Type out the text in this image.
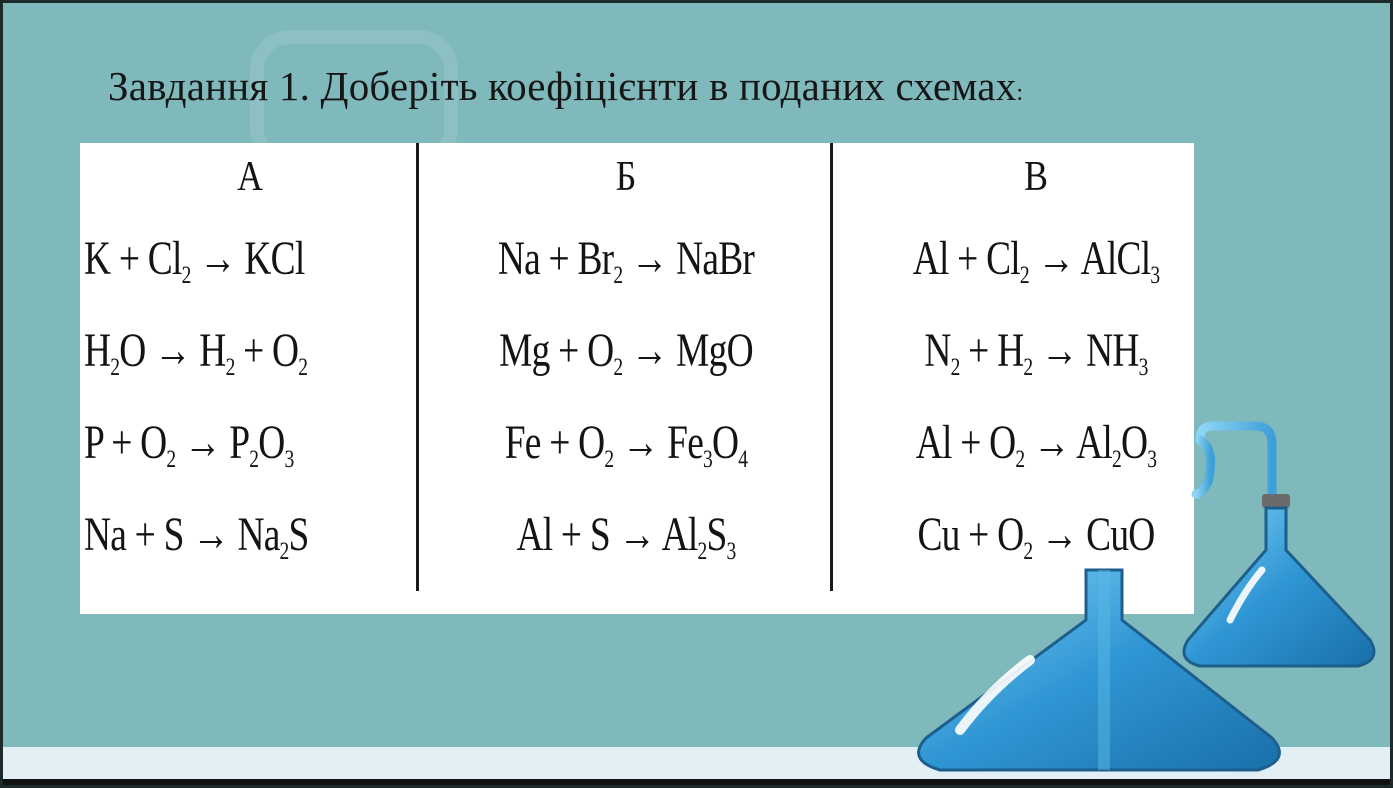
Завдання 1. Доберіть коефіцієнти в поданих схемах:
А
$K + Cl_2$ → KCl
$H_2O \to H_2 + O_2$
$P + O_2 \to P_2O_3$
$Na + S \to Na_2S$
Б
$Na + Br_2$ → NaBr
$Mg + O_2$ → MgO
$Fe + O_2 \to Fe_3O_4$
$Al + S \to Al_2S_3$
В
$Al + Cl_2$ → AlCl$_3$
$N_2 + H_2 \to NH_3$
$Al + O_2 \to Al_2O_3$
$Cu + O_2$ → CuO
